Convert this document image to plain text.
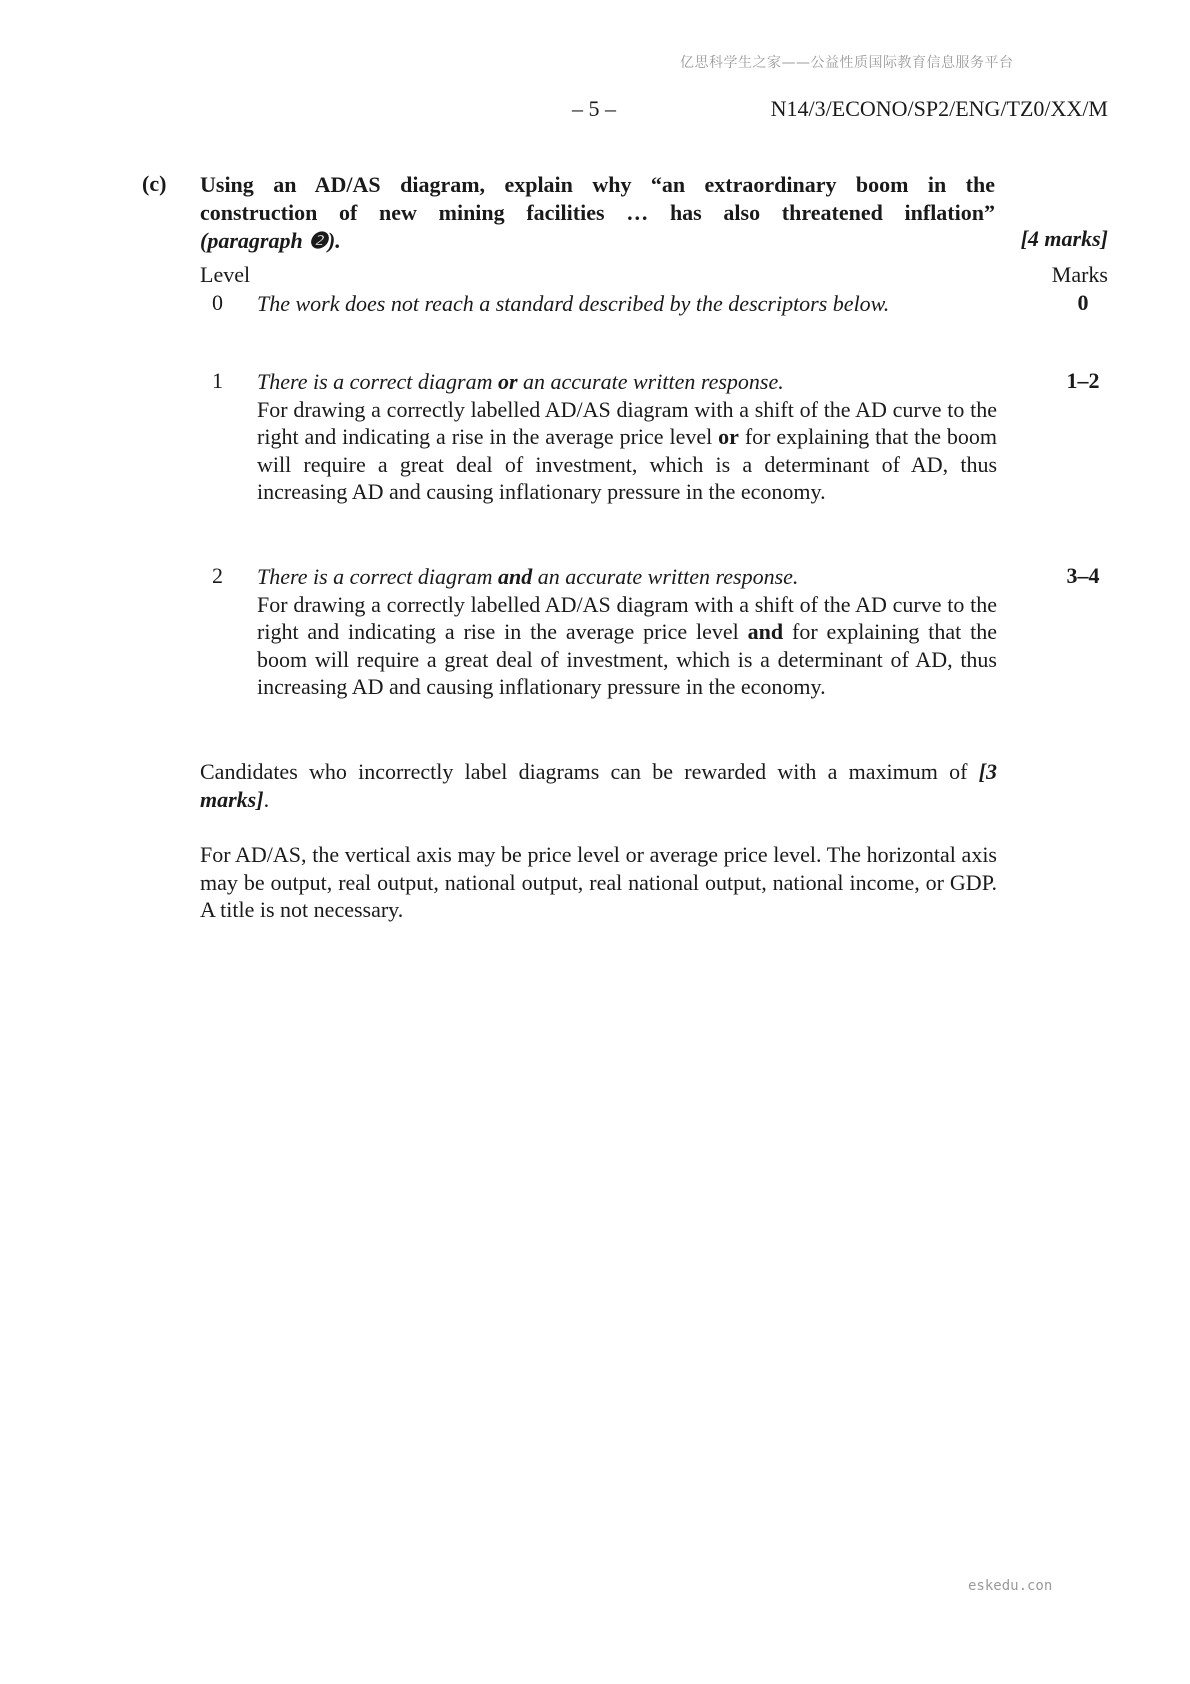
亿思科学生之家——公益性质国际教育信息服务平台
– 5 –	N14/3/ECONO/SP2/ENG/TZ0/XX/M
(c) Using an AD/AS diagram, explain why “an extraordinary boom in the
construction of new mining facilities … has also threatened inflation”
(paragraph ❷).	[4 marks]
Level	Marks
0 The work does not reach a standard described by the descriptors below.	0
1 There is a correct diagram or an accurate written response.
For drawing a correctly labelled AD/AS diagram with a shift of the AD curve to the right and indicating a rise in the average price level or for explaining that the boom will require a great deal of investment, which is a determinant of AD, thus increasing AD and causing inflationary pressure in the economy.
1–2
2 There is a correct diagram and an accurate written response.
For drawing a correctly labelled AD/AS diagram with a shift of the AD curve to the right and indicating a rise in the average price level and for explaining that the boom will require a great deal of investment, which is a determinant of AD, thus increasing AD and causing inflationary pressure in the economy.
3–4
Candidates who incorrectly label diagrams can be rewarded with a maximum of [3 marks].
For AD/AS, the vertical axis may be price level or average price level. The horizontal axis may be output, real output, national output, real national output, national income, or GDP. A title is not necessary.
eskedu.con
